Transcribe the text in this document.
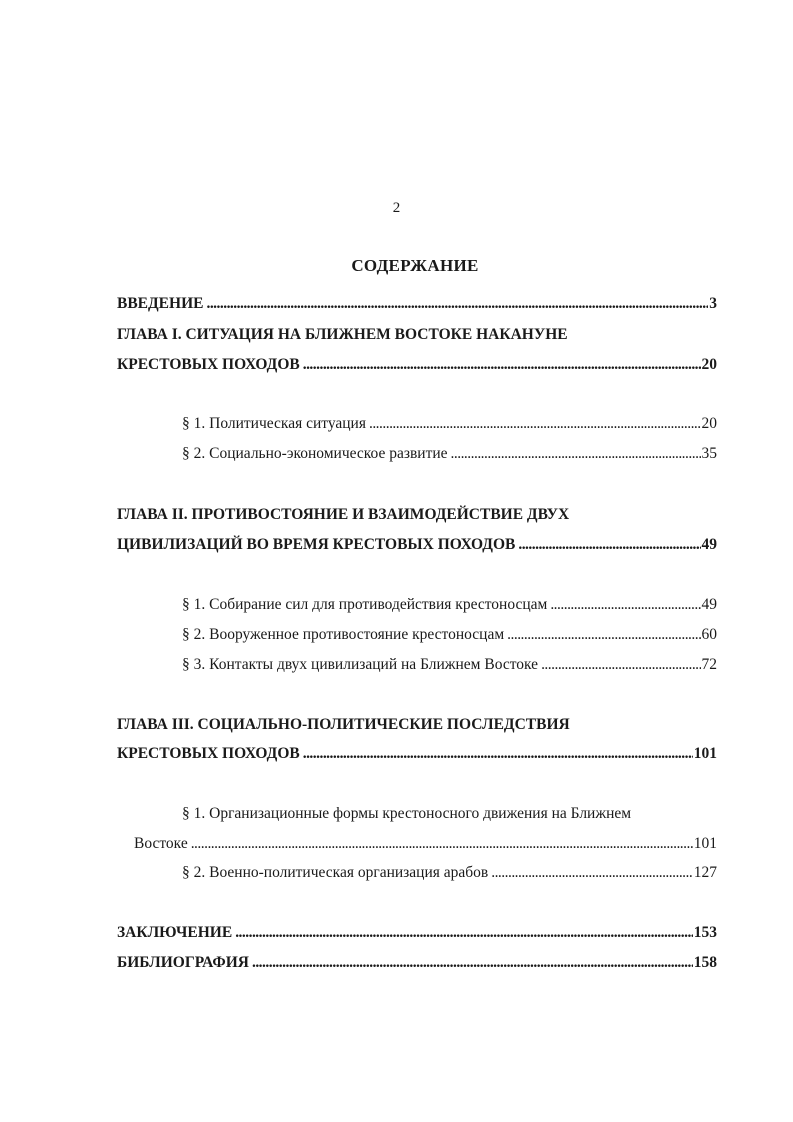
2
СОДЕРЖАНИЕ
ВВЕДЕНИЕ . . .	3
ГЛАВА I. СИТУАЦИЯ НА БЛИЖНЕМ ВОСТОКЕ НАКАНУНЕ
КРЕСТОВЫХ ПОХОДОВ . . .	20
§ 1. Политическая ситуация . . .	20
§ 2. Социально-экономическое развитие . . .	35
ГЛАВА II. ПРОТИВОСТОЯНИЕ И ВЗАИМОДЕЙСТВИЕ ДВУХ
ЦИВИЛИЗАЦИЙ ВО ВРЕМЯ КРЕСТОВЫХ ПОХОДОВ . . .	49
§ 1. Собирание сил для противодействия крестоносцам . . .	49
§ 2. Вооруженное противостояние крестоносцам . . .	60
§ 3. Контакты двух цивилизаций на Ближнем Востоке . . .	72
ГЛАВА III. СОЦИАЛЬНО-ПОЛИТИЧЕСКИЕ ПОСЛЕДСТВИЯ
КРЕСТОВЫХ ПОХОДОВ . . .	101
§ 1. Организационные формы крестоносного движения на Ближнем
Востоке . . .	101
§ 2. Военно-политическая организация арабов . . .	127
ЗАКЛЮЧЕНИЕ . . .	153
БИБЛИОГРАФИЯ . . .	158
